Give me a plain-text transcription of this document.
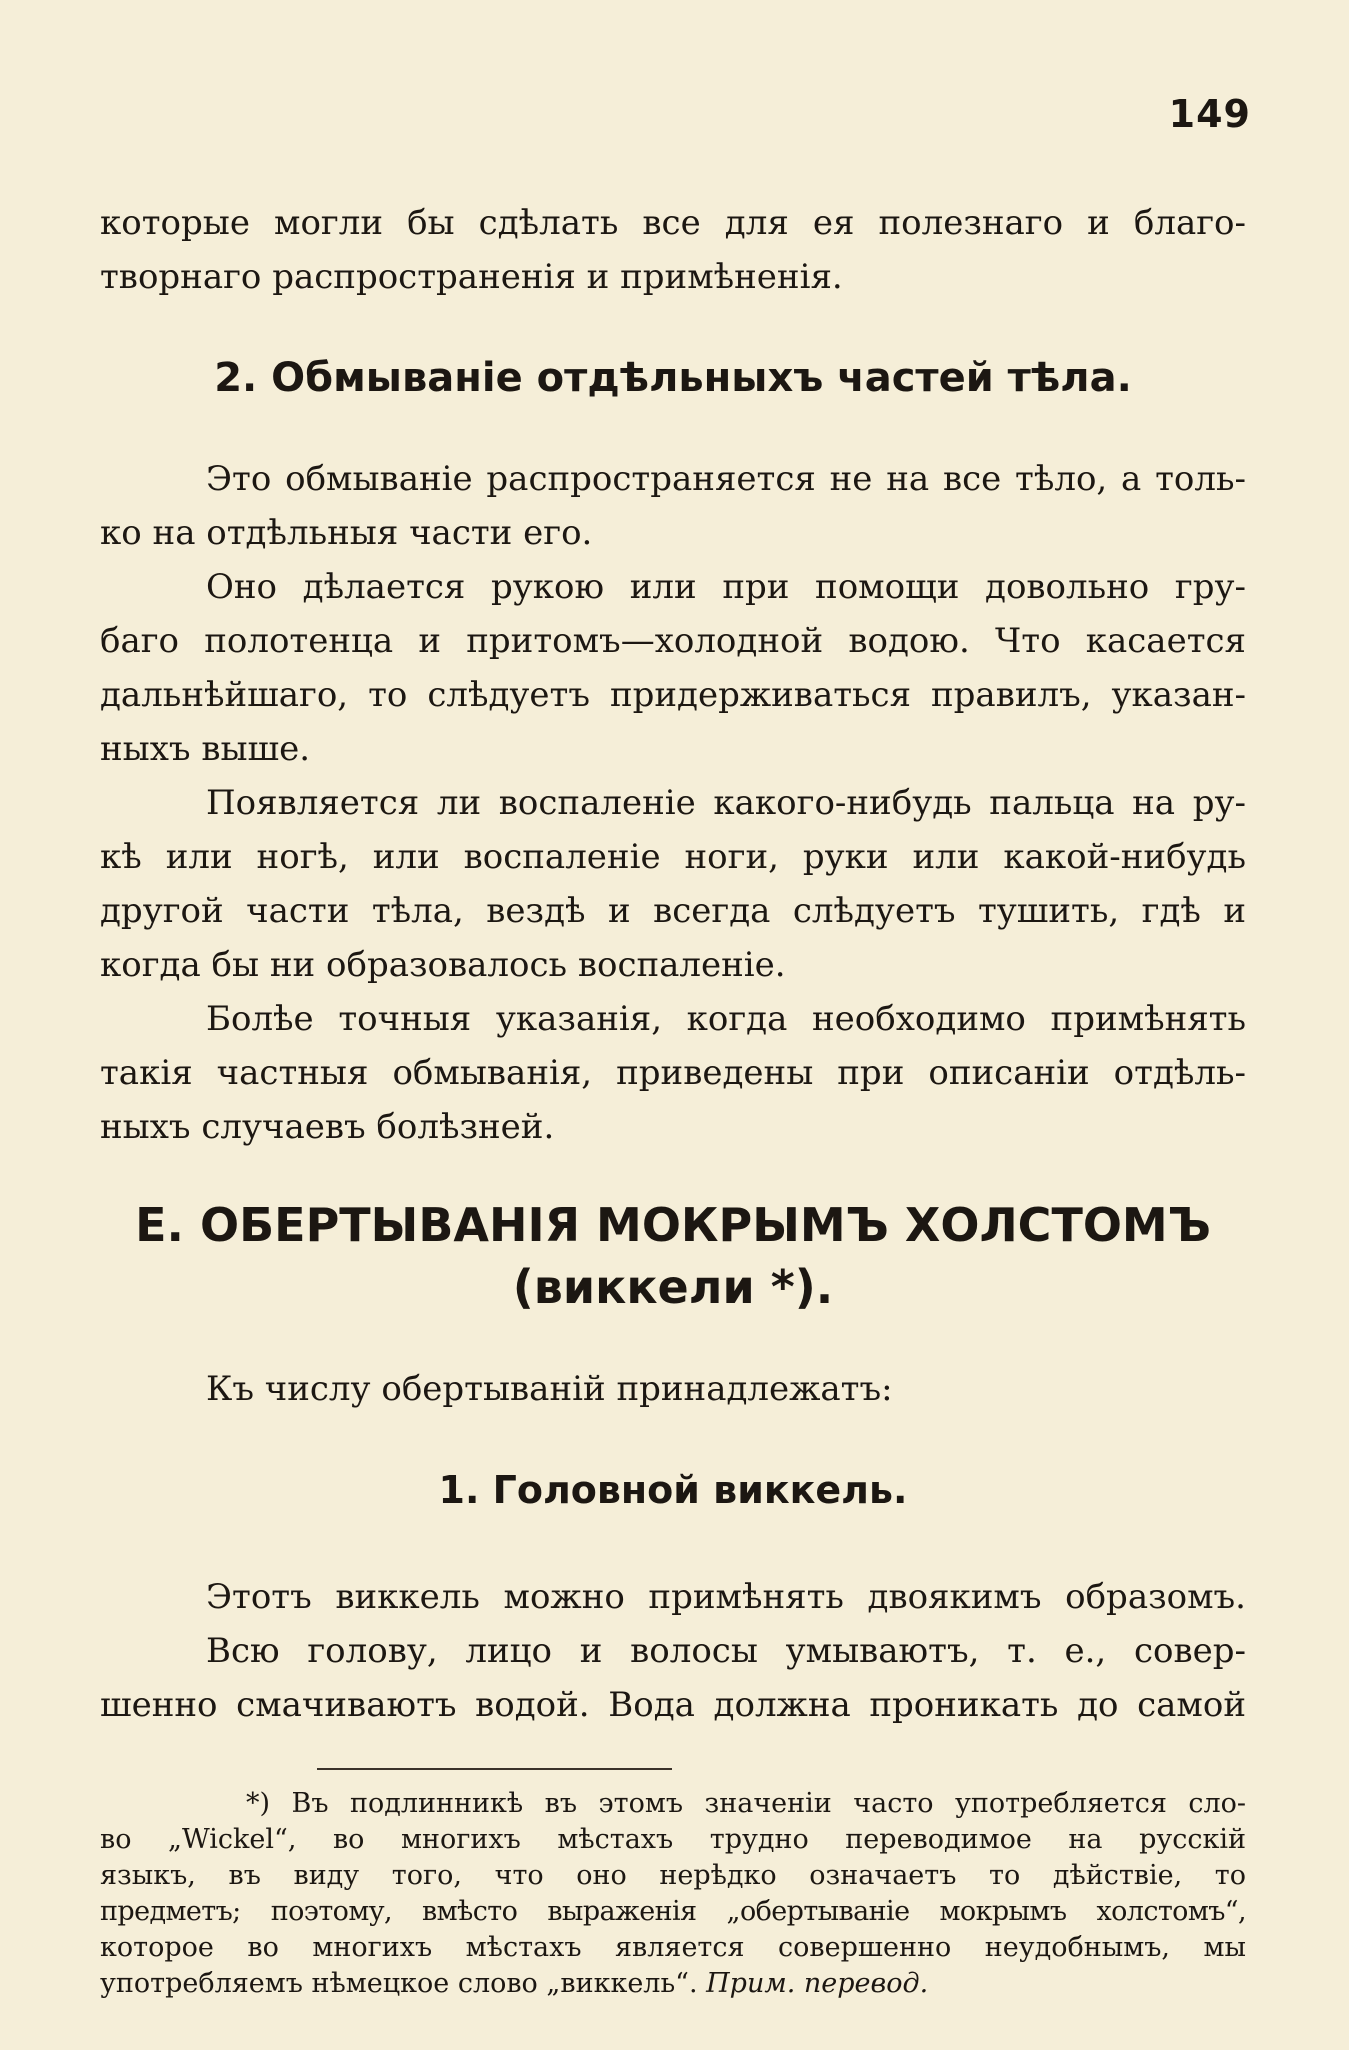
149
которые могли бы сдѣлать все для ея полезнаго и благо-
творнаго распространенія и примѣненія.
2. Обмываніе отдѣльныхъ частей тѣла.
Это обмываніе распространяется не на все тѣло, а толь-
ко на отдѣльныя части его.
Оно дѣлается рукою или при помощи довольно гру-
баго полотенца и притомъ—холодной водою. Что касается
дальнѣйшаго, то слѣдуетъ придерживаться правилъ, указан-
ныхъ выше.
Появляется ли воспаленіе какого-нибудь пальца на ру-
кѣ или ногѣ, или воспаленіе ноги, руки или какой-нибудь
другой части тѣла, вездѣ и всегда слѣдуетъ тушить, гдѣ и
когда бы ни образовалось воспаленіе.
Болѣе точныя указанія, когда необходимо примѣнять
такія частныя обмыванія, приведены при описаніи отдѣль-
ныхъ случаевъ болѣзней.
Е. ОБЕРТЫВАНІЯ МОКРЫМЪ ХОЛСТОМЪ
(виккели *).
Къ числу обертываній принадлежатъ:
1. Головной виккель.
Этотъ виккель можно примѣнять двоякимъ образомъ.
Всю голову, лицо и волосы умываютъ, т. е., совер-
шенно смачиваютъ водой. Вода должна проникать до самой
*) Въ подлинникѣ въ этомъ значеніи часто употребляется сло-
во „Wickel“, во многихъ мѣстахъ трудно переводимое на русскій
языкъ, въ виду того, что оно нерѣдко означаетъ то дѣйствіе, то
предметъ; поэтому, вмѣсто выраженія „обертываніе мокрымъ холстомъ“,
которое во многихъ мѣстахъ является совершенно неудобнымъ, мы
употребляемъ нѣмецкое слово „виккель“. Прим. перевод.
